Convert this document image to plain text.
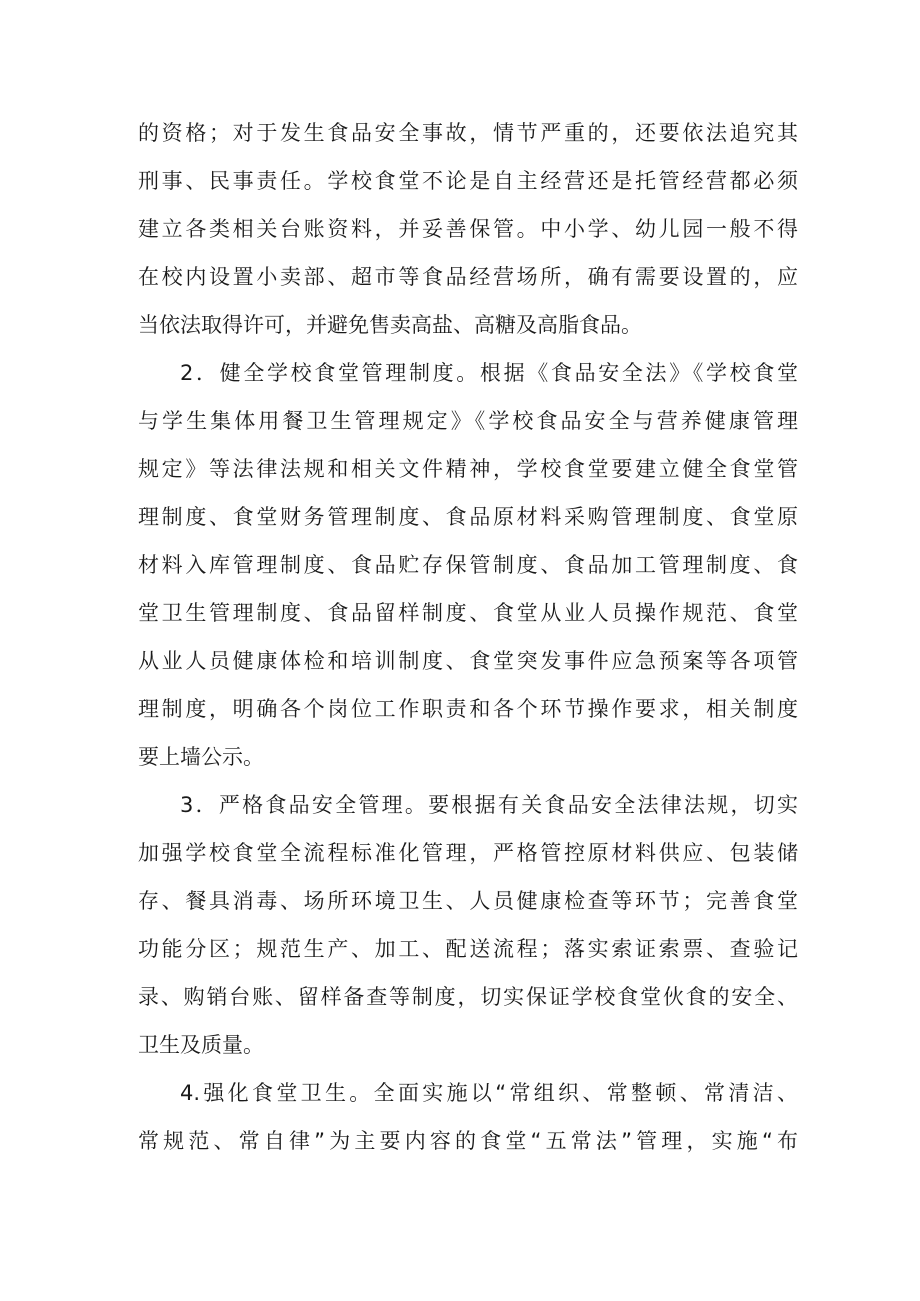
的资格；对于发生食品安全事故，情节严重的，还要依法追究其

刑事、民事责任。学校食堂不论是自主经营还是托管经营都必须

建立各类相关台账资料，并妥善保管。中小学、幼儿园一般不得

在校内设置小卖部、超市等食品经营场所，确有需要设置的，应

当依法取得许可，并避免售卖高盐、高糖及高脂食品。

2．健全学校食堂管理制度。根据《食品安全法》《学校食堂

与学生集体用餐卫生管理规定》《学校食品安全与营养健康管理

规定》等法律法规和相关文件精神，学校食堂要建立健全食堂管

理制度、食堂财务管理制度、食品原材料采购管理制度、食堂原

材料入库管理制度、食品贮存保管制度、食品加工管理制度、食

堂卫生管理制度、食品留样制度、食堂从业人员操作规范、食堂

从业人员健康体检和培训制度、食堂突发事件应急预案等各项管

理制度，明确各个岗位工作职责和各个环节操作要求，相关制度

要上墙公示。

3．严格食品安全管理。要根据有关食品安全法律法规，切实

加强学校食堂全流程标准化管理，严格管控原材料供应、包装储

存、餐具消毒、场所环境卫生、人员健康检查等环节；完善食堂

功能分区；规范生产、加工、配送流程；落实索证索票、查验记

录、购销台账、留样备查等制度，切实保证学校食堂伙食的安全、

卫生及质量。

4.强化食堂卫生。全面实施以“常组织、常整顿、常清洁、

常规范、常自律”为主要内容的食堂“五常法”管理，实施“布
